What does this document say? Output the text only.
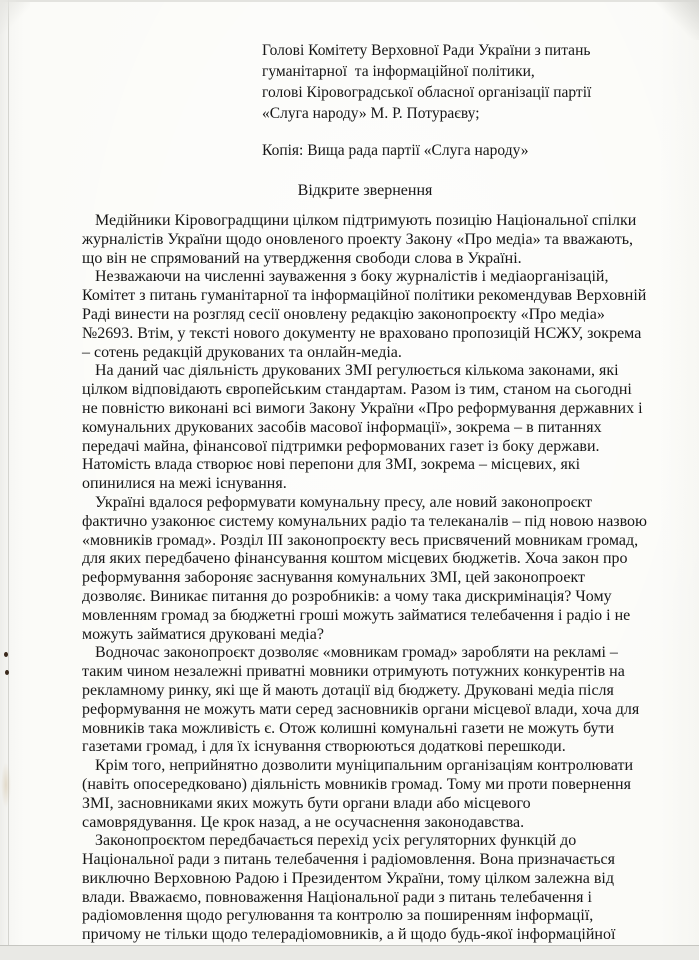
Голові Комітету Верховної Ради України з питань
гуманітарної  та інформаційної політики,
голові Кіровоградської обласної організації партії
«Слуга народу» М. Р. Потураєву;
Копія: Вища рада партії «Слуга народу»
Відкрите звернення

Медійники Кіровоградщини цілком підтримують позицію Національної спілки журналістів України щодо оновленого проекту Закону «Про медіа» та вважають, що він не спрямований на утвердження свободи слова в Україні.

Незважаючи на численні зауваження з боку журналістів і медіаорганізацій, Комітет з питань гуманітарної та інформаційної політики рекомендував Верховній Раді винести на розгляд сесії оновлену редакцію законопроєкту «Про медіа» №2693. Втім, у тексті нового документу не враховано пропозицій НСЖУ, зокрема – сотень редакцій друкованих та онлайн-медіа.

На даний час діяльність друкованих ЗМІ регулюється кількома законами, які цілком відповідають європейським стандартам. Разом із тим, станом на сьогодні не повністю виконані всі вимоги Закону України «Про реформування державних і комунальних друкованих засобів масової інформації», зокрема – в питаннях передачі майна, фінансової підтримки реформованих газет із боку держави. Натомість влада створює нові перепони для ЗМІ, зокрема – місцевих, які опинилися на межі існування.

Україні вдалося реформувати комунальну пресу, але новий законопроєкт фактично узаконює систему комунальних радіо та телеканалів – під новою назвою «мовників громад». Розділ III законопроєкту весь присвячений мовникам громад, для яких передбачено фінансування коштом місцевих бюджетів. Хоча закон про реформування забороняє заснування комунальних ЗМІ, цей законопроект дозволяє. Виникає питання до розробників: а чому така дискримінація? Чому мовленням громад за бюджетні гроші можуть займатися телебачення і радіо і не можуть займатися друковані медіа?

Водночас законопроєкт дозволяє «мовникам громад» заробляти на рекламі – таким чином незалежні приватні мовники отримують потужних конкурентів на рекламному ринку, які ще й мають дотації від бюджету. Друковані медіа після реформування не можуть мати серед засновників органи місцевої влади, хоча для мовників така можливість є. Отож колишні комунальні газети не можуть бути газетами громад, і для їх існування створюються додаткові перешкоди.

Крім того, неприйнятно дозволити муніципальним організаціям контролювати (навіть опосередковано) діяльність мовників громад. Тому ми проти повернення ЗМІ, засновниками яких можуть бути органи влади або місцевого самоврядування. Це крок назад, а не осучаснення законодавства.

Законопроєктом передбачається перехід усіх регуляторних функцій до Національної ради з питань телебачення і радіомовлення. Вона призначається виключно Верховною Радою і Президентом України, тому цілком залежна від влади. Вважаємо, повноваження Національної ради з питань телебачення і радіомовлення щодо регулювання та контролю за поширенням інформації, причому не тільки щодо телерадіомовників, а й щодо будь-якої інформаційної
